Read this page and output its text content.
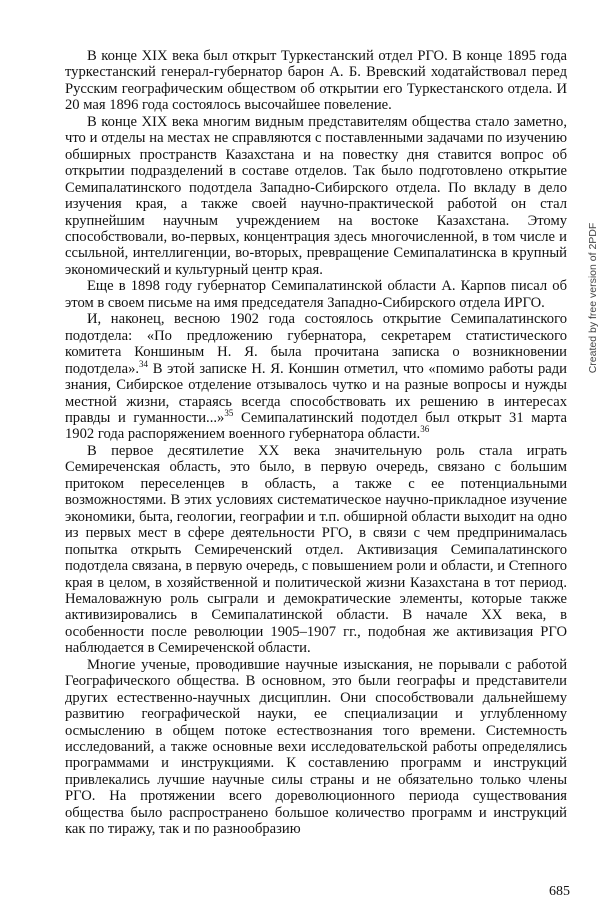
В конце XIX века был открыт Туркестанский отдел РГО. В конце 1895 года туркестанский генерал-губернатор барон А. Б. Вревский ходатайствовал перед Русским географическим обществом об открытии его Туркестанского отдела. И 20 мая 1896 года состоялось высочайшее повеление.

В конце XIX века многим видным представителям общества стало заметно, что и отделы на местах не справляются с поставленными задачами по изучению обширных пространств Казахстана и на повестку дня ставится вопрос об открытии подразделений в составе отделов. Так было подготовлено открытие Семипалатинского подотдела Западно-Сибирского отдела. По вкладу в дело изучения края, а также своей научно-практической работой он стал крупнейшим научным учреждением на востоке Казахстана. Этому способствовали, во-первых, концентрация здесь многочисленной, в том числе и ссыльной, интеллигенции, во-вторых, превращение Семипалатинска в крупный экономический и культурный центр края.

Еще в 1898 году губернатор Семипалатинской области А. Карпов писал об этом в своем письме на имя председателя Западно-Сибирского отдела ИРГО.

И, наконец, весною 1902 года состоялось открытие Семипалатинского подотдела: «По предложению губернатора, секретарем статистического комитета Коншиным Н. Я. была прочитана записка о возникновении подотдела».$^{34}$ В этой записке Н. Я. Коншин отметил, что «помимо работы ради знания, Сибирское отделение отзывалось чутко и на разные вопросы и нужды местной жизни, стараясь всегда способствовать их решению в интересах правды и гуманности...»$^{35}$ Семипалатинский подотдел был открыт 31 марта 1902 года распоряжением военного губернатора области.$^{36}$

В первое десятилетие XX века значительную роль стала играть Семиреченская область, это было, в первую очередь, связано с большим притоком переселенцев в область, а также с ее потенциальными возможностями. В этих условиях систематическое научно-прикладное изучение экономики, быта, геологии, географии и т.п. обширной области выходит на одно из первых мест в сфере деятельности РГО, в связи с чем предпринималась попытка открыть Семиреченский отдел. Активизация Семипалатинского подотдела связана, в первую очередь, с повышением роли и области, и Степного края в целом, в хозяйственной и политической жизни Казахстана в тот период. Немаловажную роль сыграли и демократические элементы, которые также активизировались в Семипалатинской области. В начале XX века, в особенности после революции 1905–1907 гг., подобная же активизация РГО наблюдается в Семиреченской области.

Многие ученые, проводившие научные изыскания, не порывали с работой Географического общества. В основном, это были географы и представители других естественно-научных дисциплин. Они способствовали дальнейшему развитию географической науки, ее специализации и углубленному осмыслению в общем потоке естествознания того времени. Системность исследований, а также основные вехи исследовательской работы определялись программами и инструкциями. К составлению программ и инструкций привлекались лучшие научные силы страны и не обязательно только члены РГО. На протяжении всего дореволюционного периода существования общества было распространено большое количество программ и инструкций как по тиражу, так и по разнообразию

685
Created by free version of 2PDF
